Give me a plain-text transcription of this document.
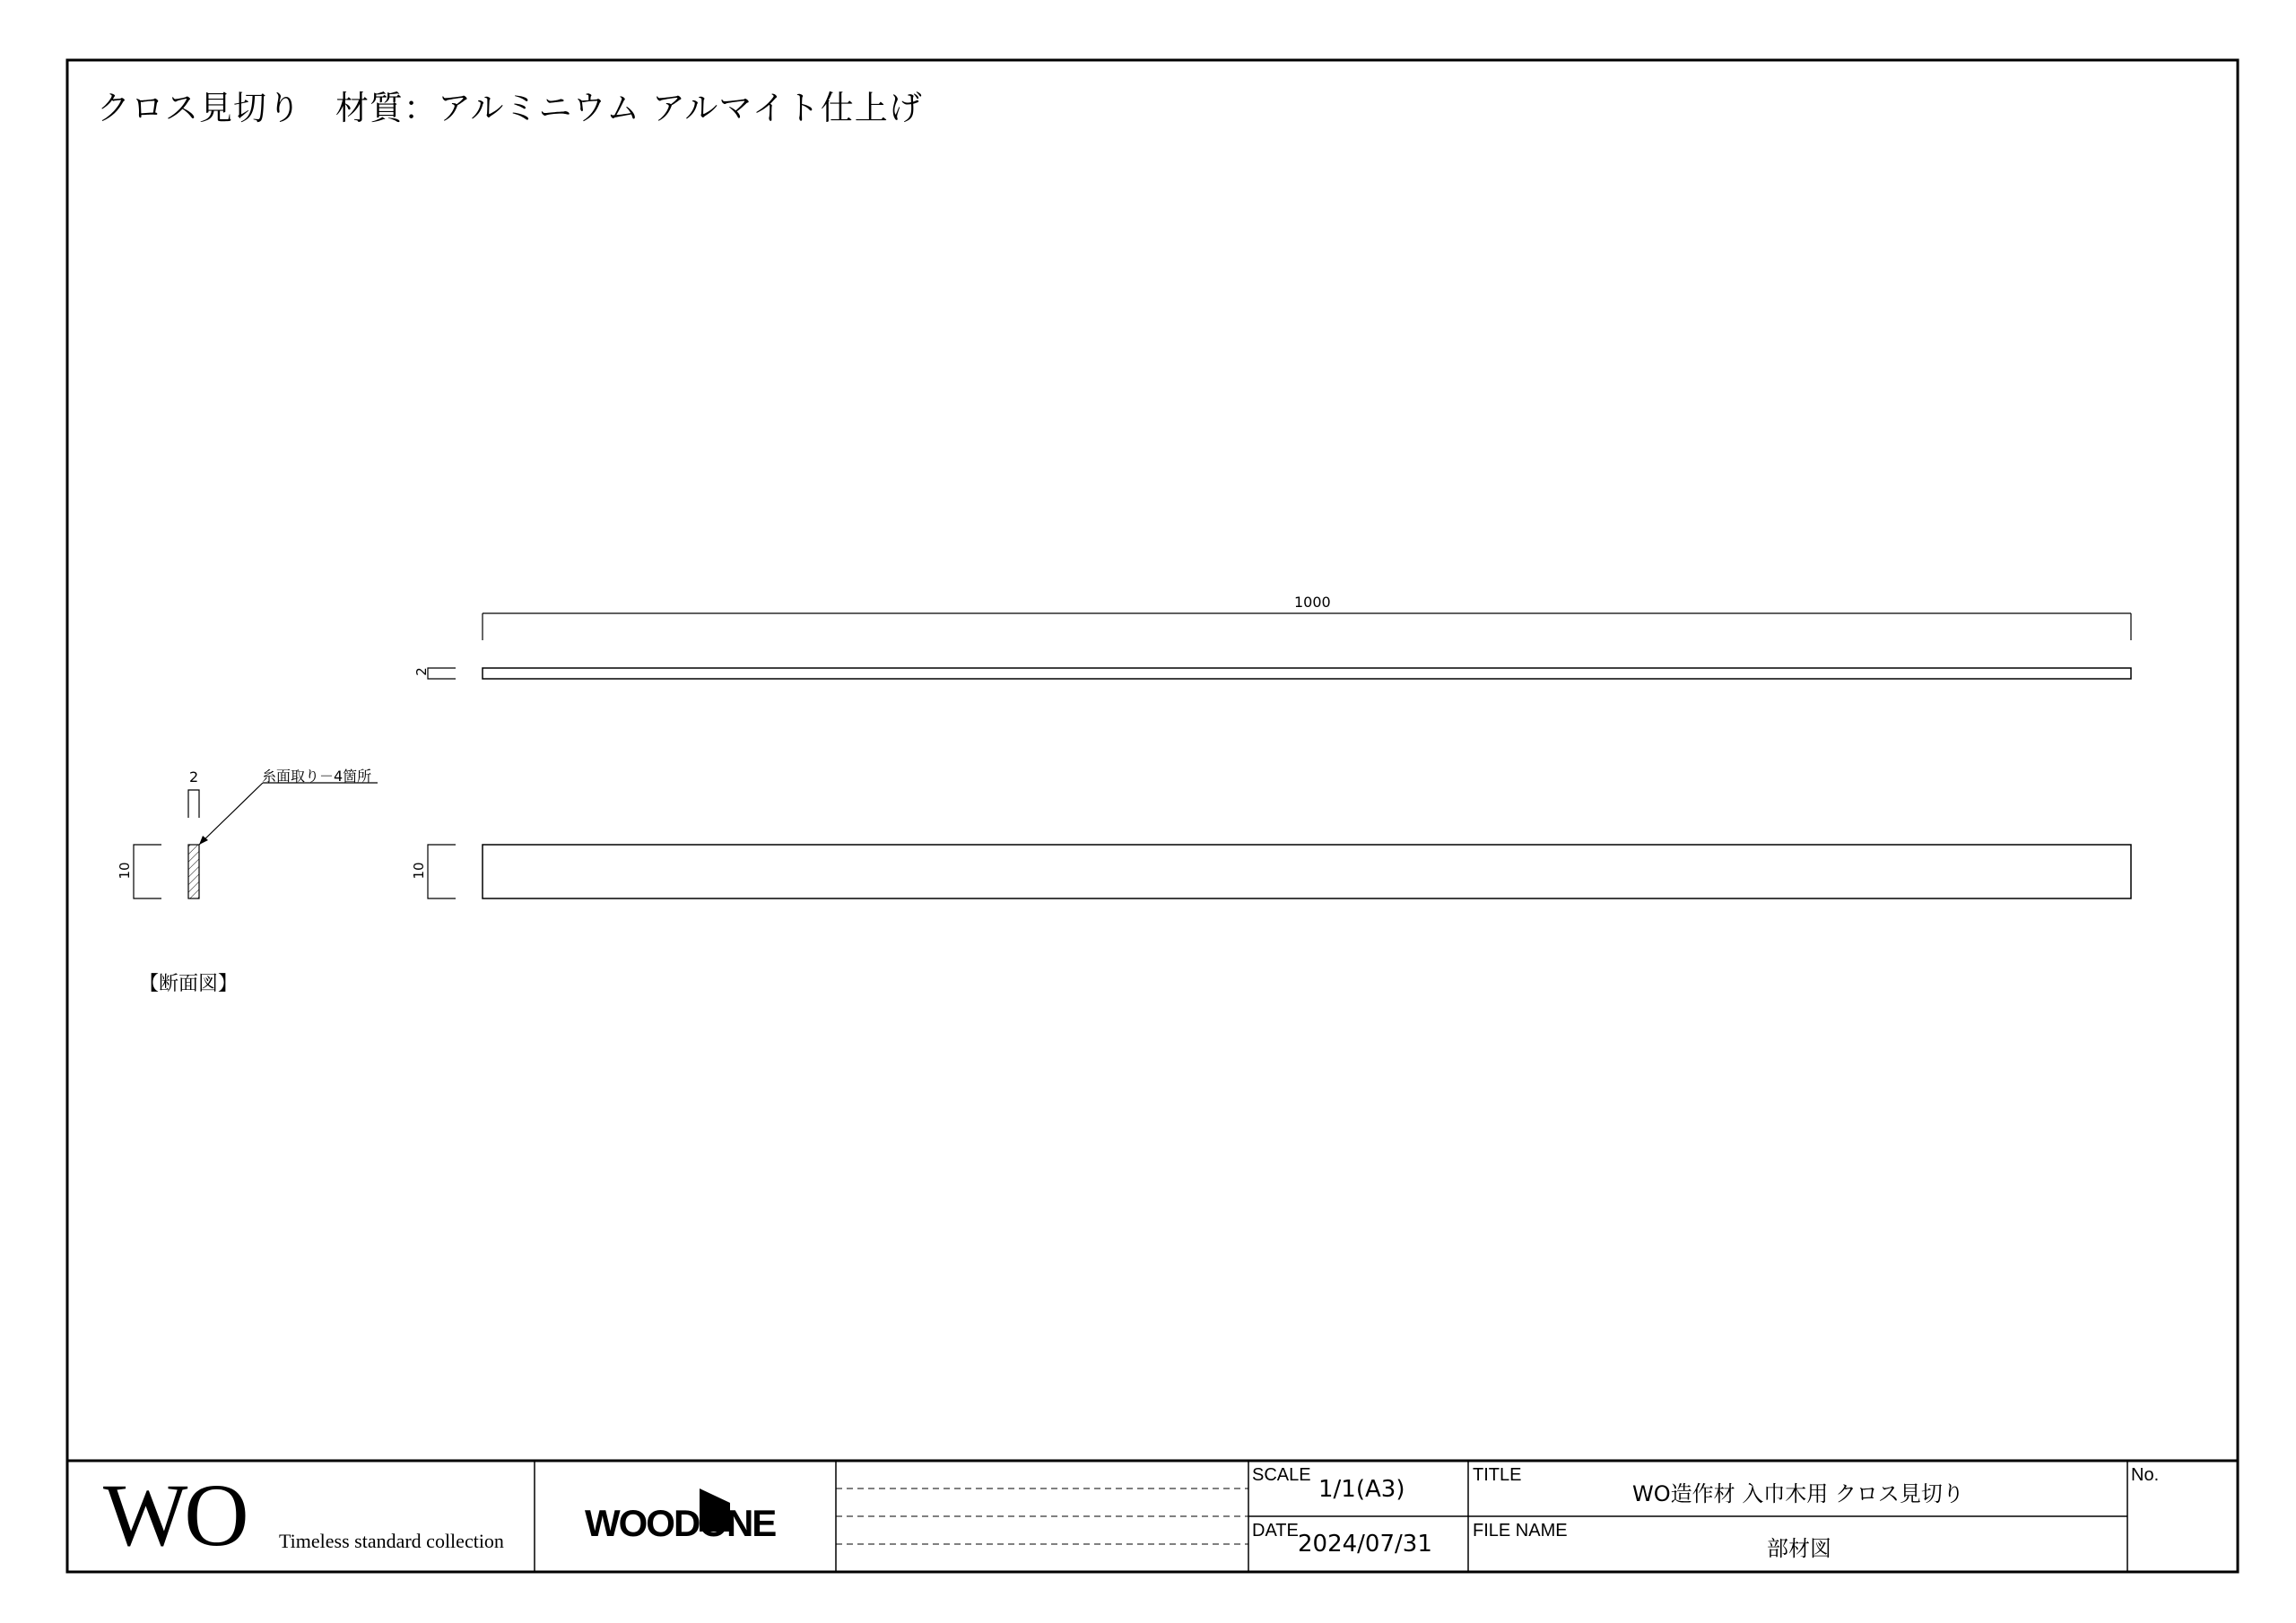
クロス見切り　材質：アルミニウム アルマイト仕上げ
1000
2
10
2
10
糸面取り－4箇所
【断面図】
WO Timeless standard collection WOODONE
SCALE
1/1(A3)
DATE 2024/07/31
TITLE
WO造作材 入巾木用 クロス見切り
FILE NAME
部材図
No.
